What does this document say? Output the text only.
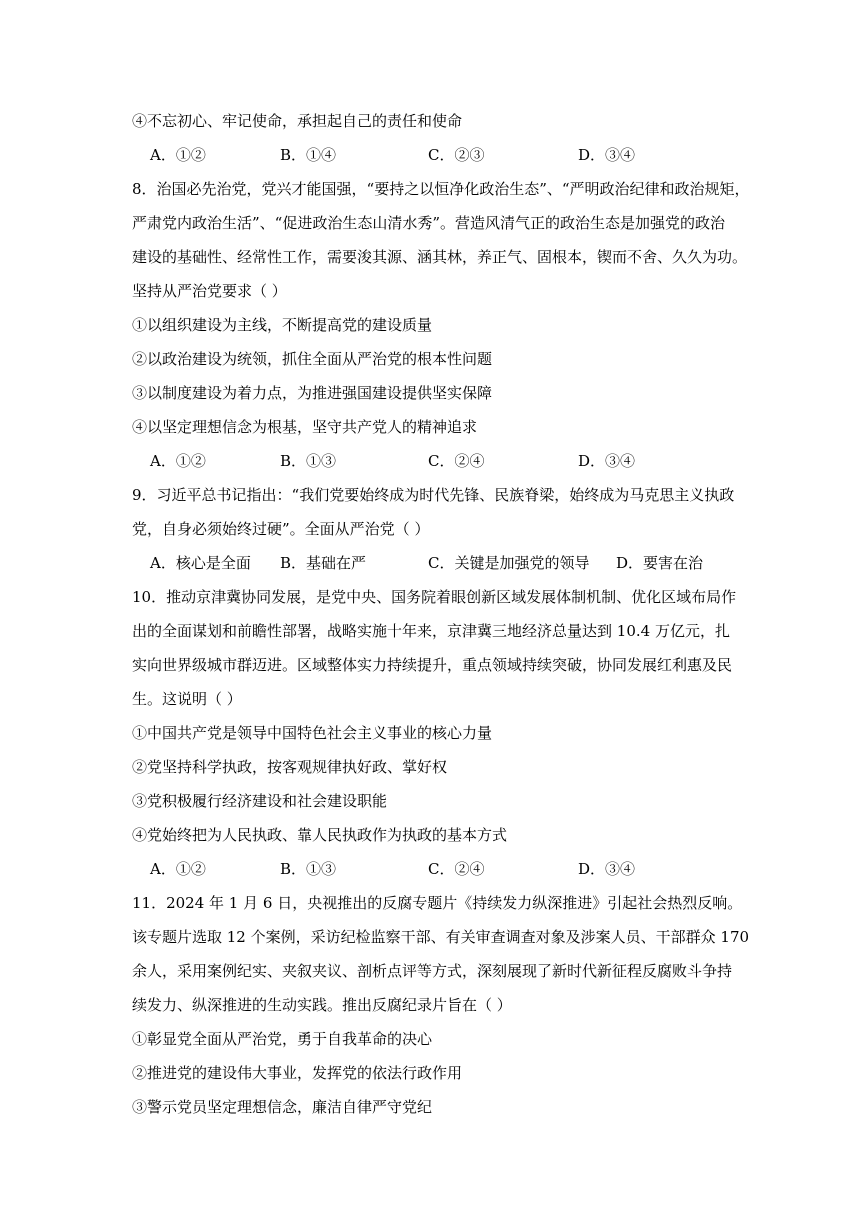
④不忘初心、牢记使命，承担起自己的责任和使命
A．①②	B．①④	C．②③	D．③④
8．治国必先治党，党兴才能国强，“要持之以恒净化政治生态”、“严明政治纪律和政治规矩，
严肃党内政治生活”、“促进政治生态山清水秀”。营造风清气正的政治生态是加强党的政治
建设的基础性、经常性工作，需要浚其源、涵其林，养正气、固根本，锲而不舍、久久为功。
坚持从严治党要求（ ）
①以组织建设为主线，不断提高党的建设质量
②以政治建设为统领，抓住全面从严治党的根本性问题
③以制度建设为着力点，为推进强国建设提供坚实保障
④以坚定理想信念为根基，坚守共产党人的精神追求
A．①②	B．①③	C．②④	D．③④
9．习近平总书记指出：“我们党要始终成为时代先锋、民族脊梁，始终成为马克思主义执政
党，自身必须始终过硬”。全面从严治党（ ）
A．核心是全面 B．基础在严	C．关键是加强党的领导 D．要害在治
10．推动京津冀协同发展，是党中央、国务院着眼创新区域发展体制机制、优化区域布局作
出的全面谋划和前瞻性部署，战略实施十年来，京津冀三地经济总量达到 10.4 万亿元，扎
实向世界级城市群迈进。区域整体实力持续提升，重点领域持续突破，协同发展红利惠及民
生。这说明（ ）
①中国共产党是领导中国特色社会主义事业的核心力量
②党坚持科学执政，按客观规律执好政、掌好权
③党积极履行经济建设和社会建设职能
④党始终把为人民执政、靠人民执政作为执政的基本方式
A．①②	B．①③	C．②④	D．③④
11．2024 年 1 月 6 日，央视推出的反腐专题片《持续发力纵深推进》引起社会热烈反响。
该专题片选取 12 个案例，采访纪检监察干部、有关审查调查对象及涉案人员、干部群众 170
余人，采用案例纪实、夹叙夹议、剖析点评等方式，深刻展现了新时代新征程反腐败斗争持
续发力、纵深推进的生动实践。推出反腐纪录片旨在（ ）
①彰显党全面从严治党，勇于自我革命的决心
②推进党的建设伟大事业，发挥党的依法行政作用
③警示党员坚定理想信念，廉洁自律严守党纪
